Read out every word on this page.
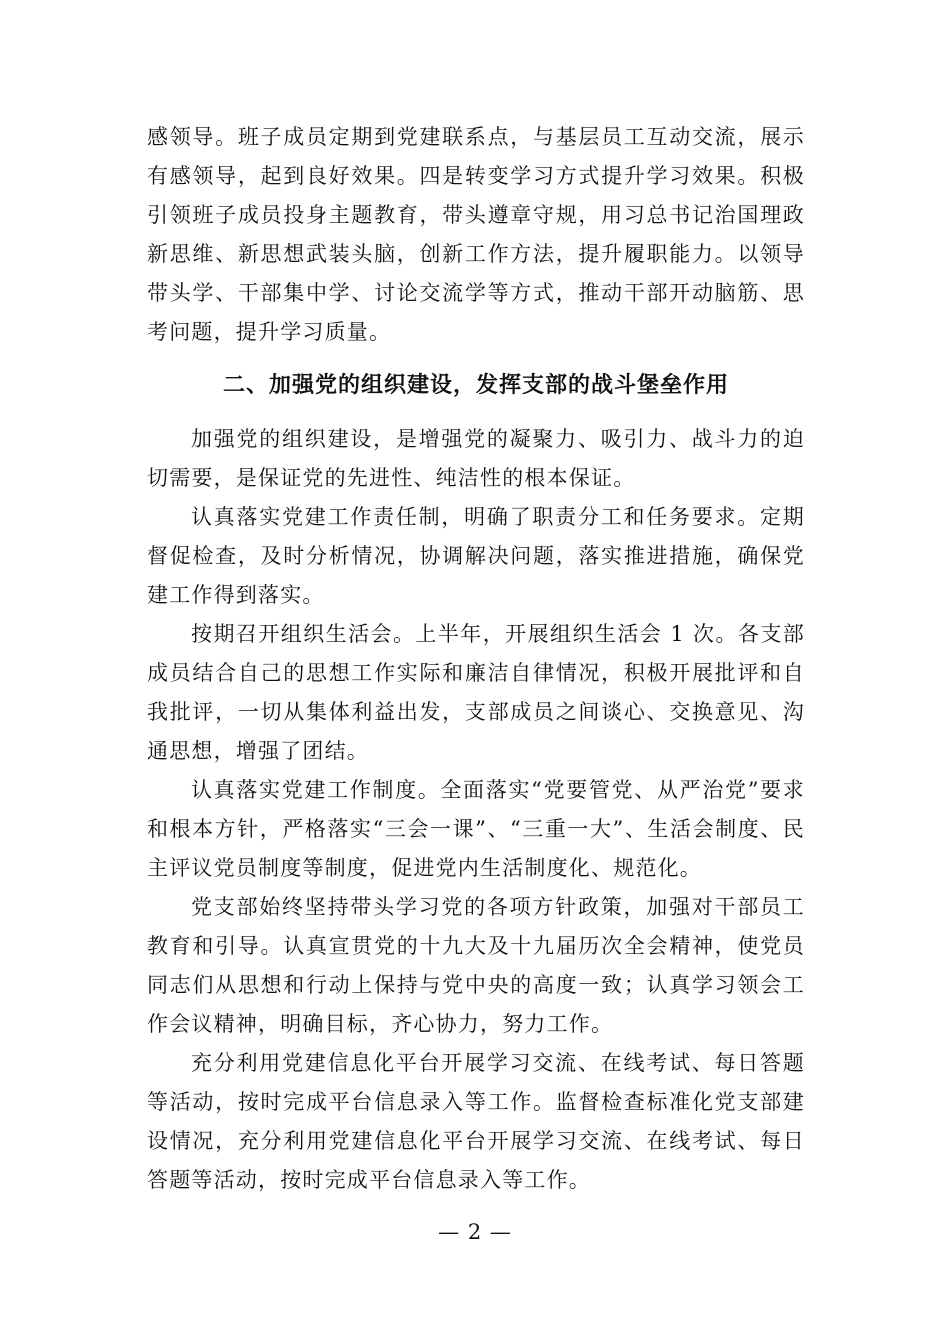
感领导。班子成员定期到党建联系点，与基层员工互动交流，展示有感领导，起到良好效果。四是转变学习方式提升学习效果。积极引领班子成员投身主题教育，带头遵章守规，用习总书记治国理政新思维、新思想武装头脑，创新工作方法，提升履职能力。以领导带头学、干部集中学、讨论交流学等方式，推动干部开动脑筋、思考问题，提升学习质量。

二、加强党的组织建设，发挥支部的战斗堡垒作用

加强党的组织建设，是增强党的凝聚力、吸引力、战斗力的迫切需要，是保证党的先进性、纯洁性的根本保证。

认真落实党建工作责任制，明确了职责分工和任务要求。定期督促检查，及时分析情况，协调解决问题，落实推进措施，确保党建工作得到落实。

按期召开组织生活会。上半年，开展组织生活会 1 次。各支部成员结合自己的思想工作实际和廉洁自律情况，积极开展批评和自我批评，一切从集体利益出发，支部成员之间谈心、交换意见、沟通思想，增强了团结。

认真落实党建工作制度。全面落实“党要管党、从严治党”要求和根本方针，严格落实“三会一课”、“三重一大”、生活会制度、民主评议党员制度等制度，促进党内生活制度化、规范化。

党支部始终坚持带头学习党的各项方针政策，加强对干部员工教育和引导。认真宣贯党的十九大及十九届历次全会精神，使党员同志们从思想和行动上保持与党中央的高度一致；认真学习领会工作会议精神，明确目标，齐心协力，努力工作。

充分利用党建信息化平台开展学习交流、在线考试、每日答题等活动，按时完成平台信息录入等工作。监督检查标准化党支部建设情况，充分利用党建信息化平台开展学习交流、在线考试、每日答题等活动，按时完成平台信息录入等工作。

— 2 —
